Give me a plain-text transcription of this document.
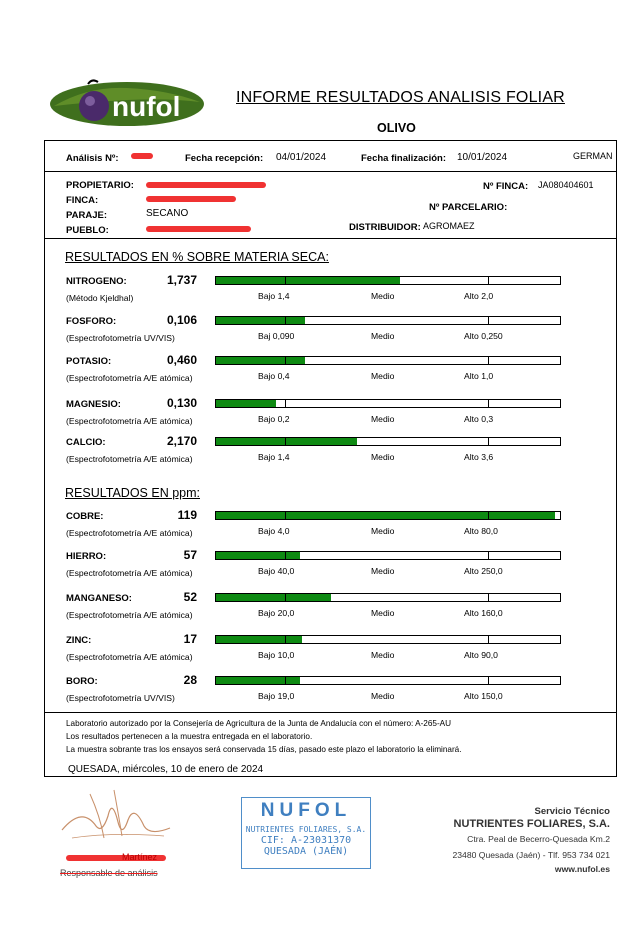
nufol	INFORME RESULTADOS ANALISIS FOLIAR
OLIVO
Análisis Nº:	Fecha recepción: 04/01/2024	Fecha finalización: 10/01/2024	GERMAN
PROPIETARIO:
FINCA:
PARAJE:	SECANO
PUEBLO:
Nº FINCA: JA080404601
Nº PARCELARIO:
DISTRIBUIDOR: AGROMAEZ
RESULTADOS EN % SOBRE MATERIA SECA:
RESULTADOS EN ppm:
NITROGENO:
(Método Kjeldhal)
1,737
Bajo 1,4	Medio	Alto 2,0
FOSFORO:
(Espectrofotometría UV/VIS)
0,106
Baj 0,090	Medio	Alto 0,250
POTASIO:
(Espectrofotometría A/E atómica)
0,460
Bajo 0,4	Medio	Alto 1,0
MAGNESIO:
(Espectrofotometría A/E atómica)
0,130
Bajo 0,2	Medio	Alto 0,3
CALCIO:
(Espectrofotometría A/E atómica)
2,170
Bajo 1,4	Medio	Alto 3,6
COBRE:
(Espectrofotometría A/E atómica)
119
Bajo 4,0	Medio	Alto 80,0
HIERRO:
(Espectrofotometría A/E atómica)
57
Bajo 40,0	Medio	Alto 250,0
MANGANESO:
(Espectrofotometría A/E atómica)
52
Bajo 20,0	Medio	Alto 160,0
ZINC:
(Espectrofotometría A/E atómica)
17
Bajo 10,0	Medio	Alto 90,0
BORO:
(Espectrofotometría UV/VIS)
28
Bajo 19,0	Medio	Alto 150,0
Laboratorio autorizado por la Consejería de Agricultura de la Junta de Andalucía con el número: A-265-AU
Los resultados pertenecen a la muestra entregada en el laboratorio.
La muestra sobrante tras los ensayos será conservada 15 días, pasado este plazo el laboratorio la eliminará.
QUESADA, miércoles, 10 de enero de 2024
Martínez
Responsable de análisis
NUFOL
NUTRIENTES FOLIARES, S.A.
CIF: A-23031370
QUESADA (JAÉN)
Servicio Técnico
NUTRIENTES FOLIARES, S.A.
Ctra. Peal de Becerro-Quesada Km.2
23480 Quesada (Jaén) - Tlf. 953 734 021
www.nufol.es
